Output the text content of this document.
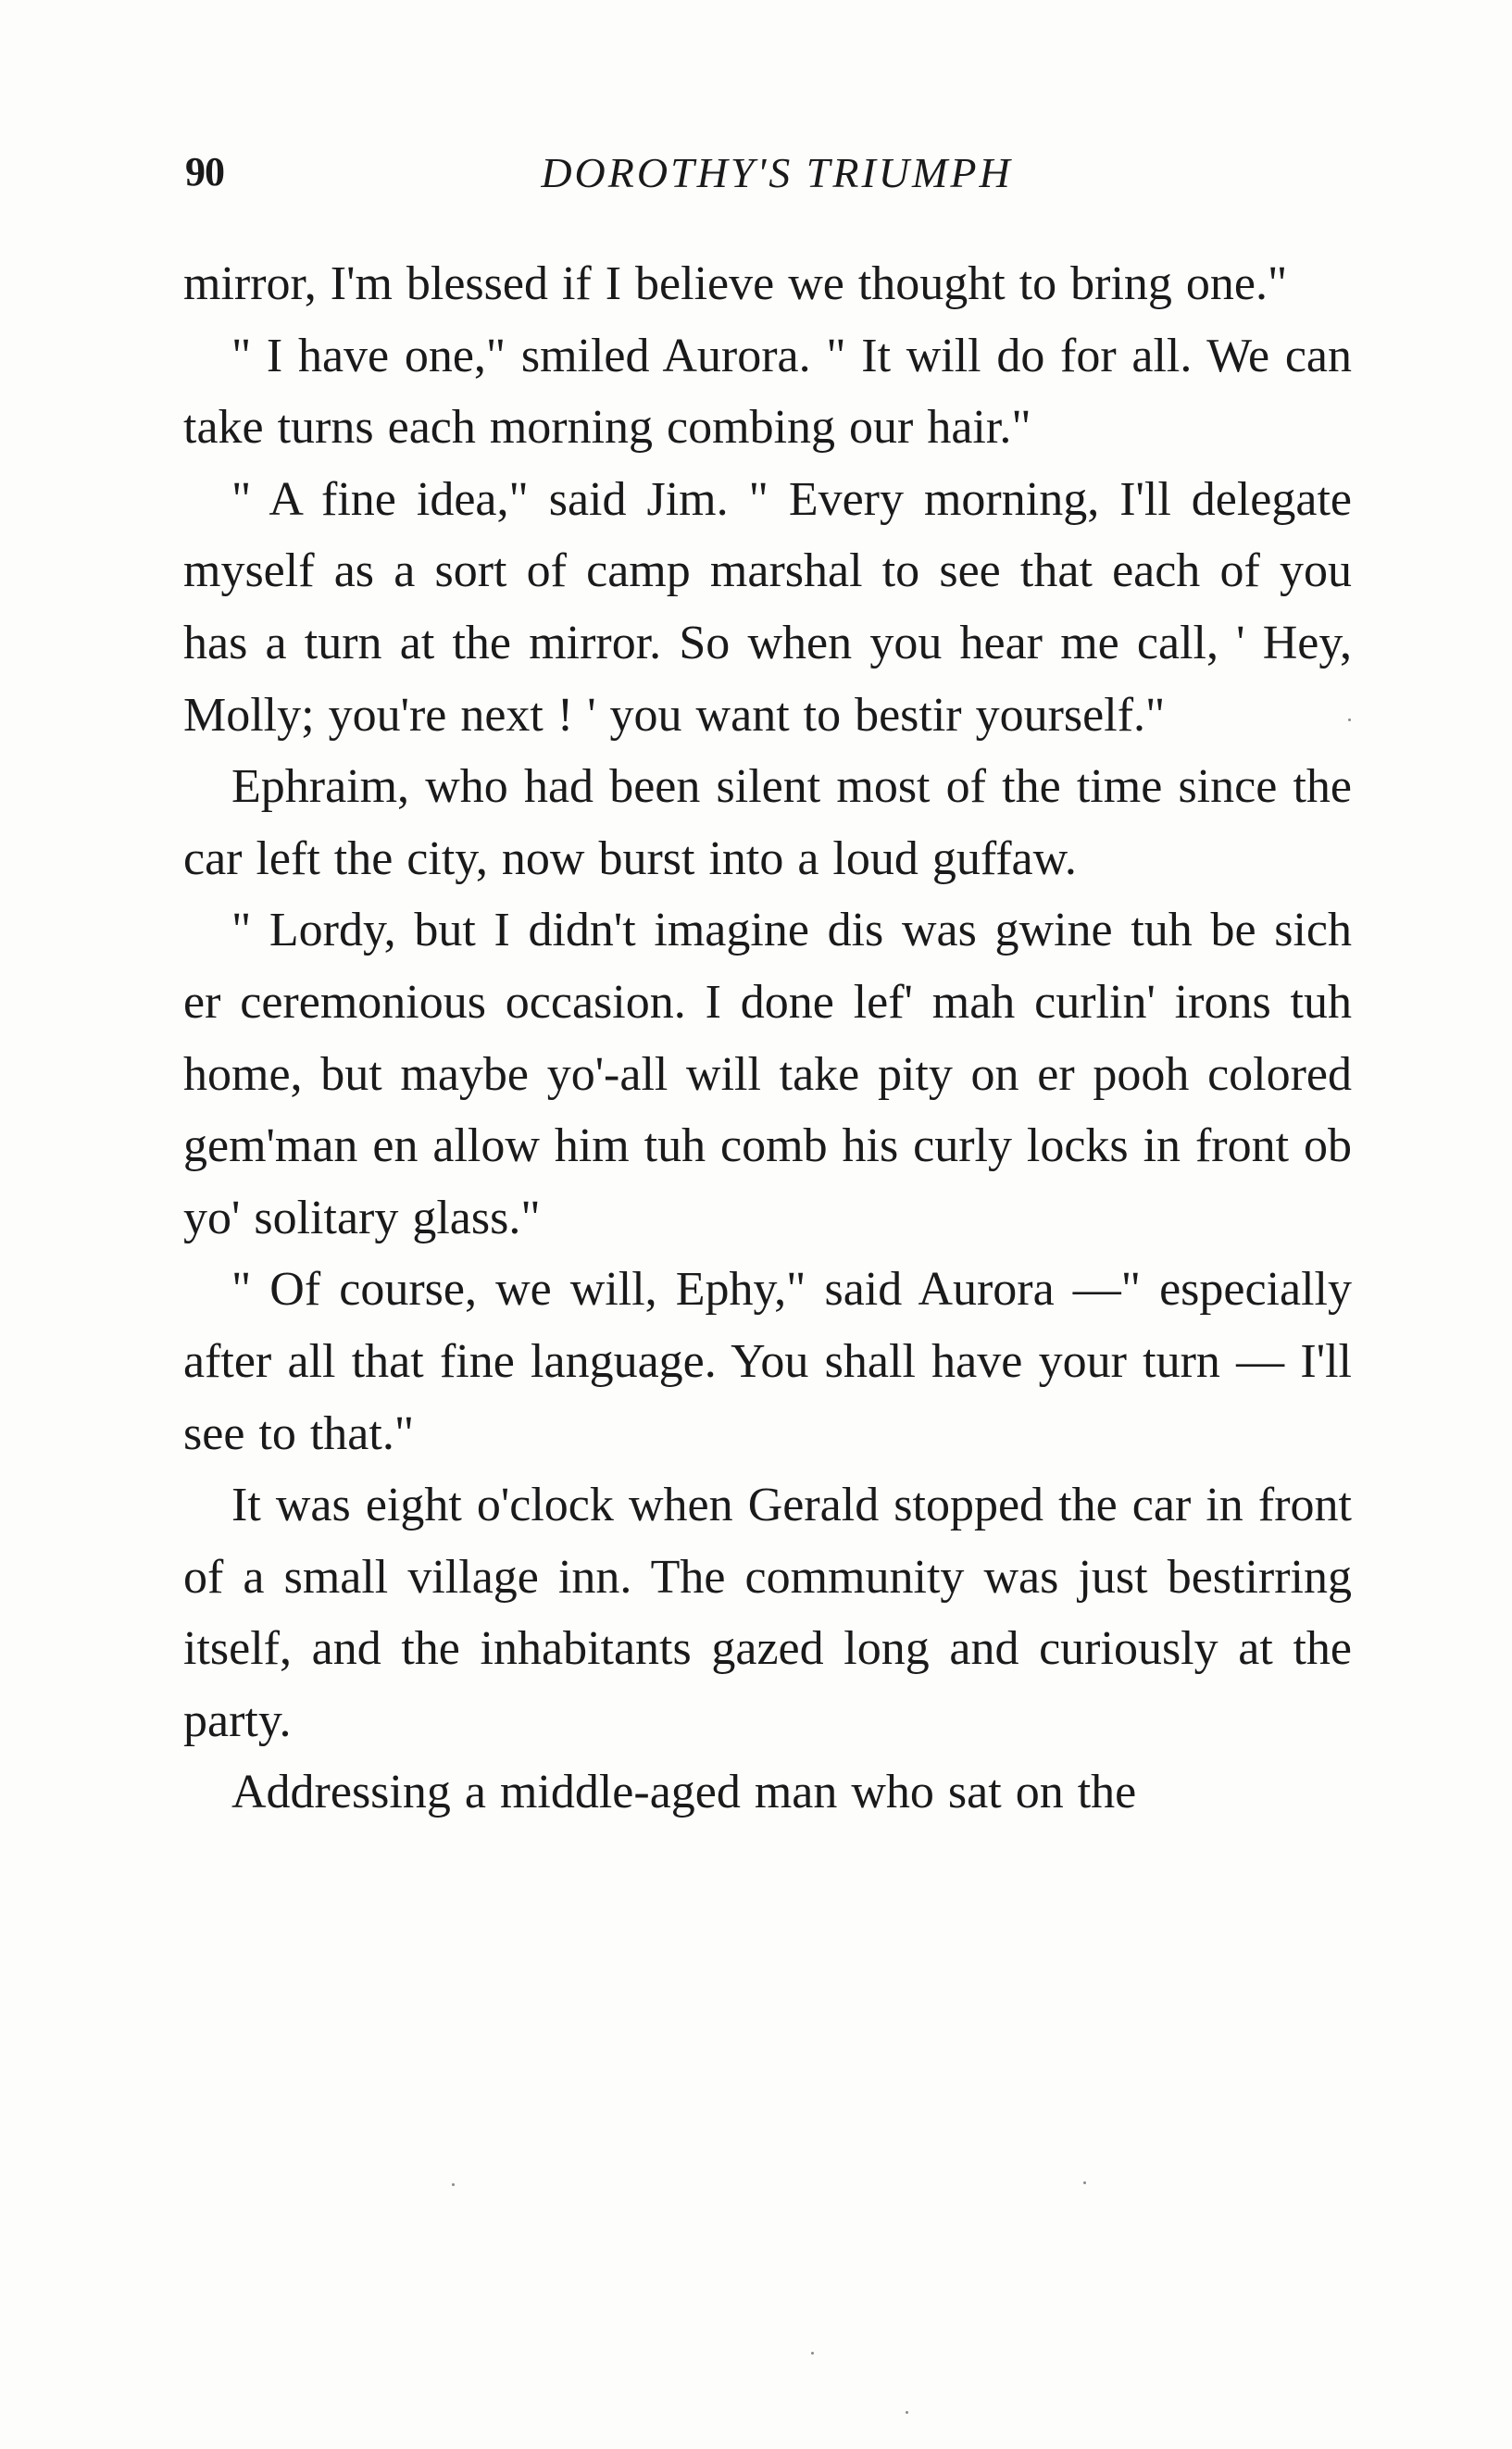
90	DOROTHY'S TRIUMPH

mirror, I'm blessed if I believe we thought to bring one."

" I have one," smiled Aurora. " It will do for all. We can take turns each morning combing our hair."

" A fine idea," said Jim. " Every morning, I'll delegate myself as a sort of camp marshal to see that each of you has a turn at the mirror. So when you hear me call, ' Hey, Molly; you're next ! ' you want to bestir yourself."

Ephraim, who had been silent most of the time since the car left the city, now burst into a loud guffaw.

" Lordy, but I didn't imagine dis was gwine tuh be sich er ceremonious occasion. I done lef' mah curlin' irons tuh home, but maybe yo'-all will take pity on er pooh colored gem'man en allow him tuh comb his curly locks in front ob yo' solitary glass."

" Of course, we will, Ephy," said Aurora —" especially after all that fine language. You shall have your turn — I'll see to that."

It was eight o'clock when Gerald stopped the car in front of a small village inn. The community was just bestirring itself, and the inhabitants gazed long and curiously at the party.

Addressing a middle-aged man who sat on the
